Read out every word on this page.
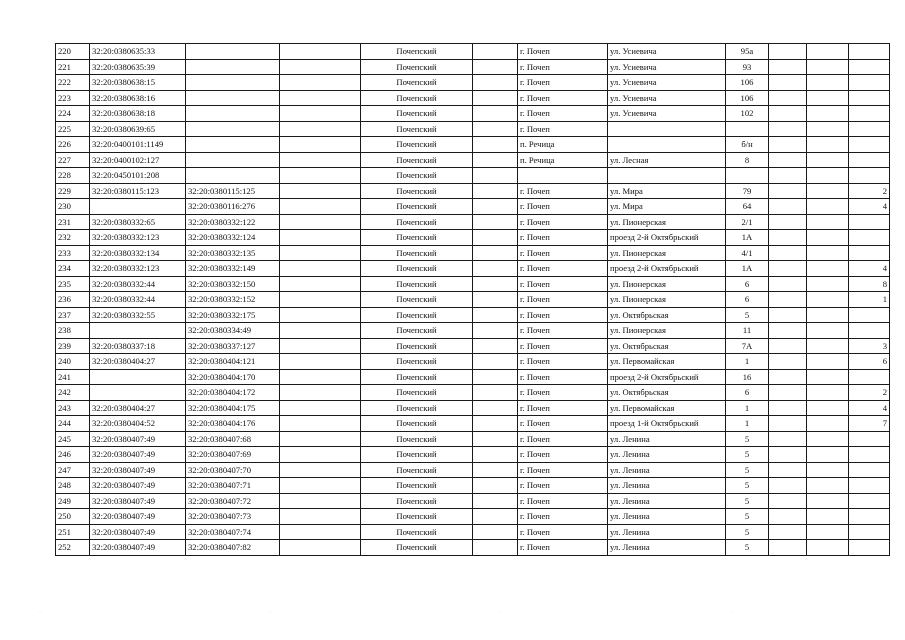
220	32:20:0380635:33			Почепский		г. Почеп	ул. Усиевича	95а			
221	32:20:0380635:39			Почепский		г. Почеп	ул. Усиевича	93			
222	32:20:0380638:15			Почепский		г. Почеп	ул. Усиевича	106			
223	32:20:0380638:16			Почепский		г. Почеп	ул. Усиевича	106			
224	32:20:0380638:18			Почепский		г. Почеп	ул. Усиевича	102			
225	32:20:0380639:65			Почепский		г. Почеп					
226	32:20:0400101:1149			Почепский		п. Речица		б/н			
227	32:20:0400102:127			Почепский		п. Речица	ул. Лесная	8			
228	32:20:0450101:208			Почепский							
229	32:20:0380115:123	32:20:0380115:125		Почепский		г. Почеп	ул. Мира	79			2
230		32:20:0380116:276		Почепский		г. Почеп	ул. Мира	64			4
231	32:20:0380332:65	32:20:0380332:122		Почепский		г. Почеп	ул. Пионерская	2/1			
232	32:20:0380332:123	32:20:0380332:124		Почепский		г. Почеп	проезд 2-й Октябрьский	1А			
233	32:20:0380332:134	32:20:0380332:135		Почепский		г. Почеп	ул. Пионерская	4/1			
234	32:20:0380332:123	32:20:0380332:149		Почепский		г. Почеп	проезд 2-й Октябрьский	1А			4
235	32:20:0380332:44	32:20:0380332:150		Почепский		г. Почеп	ул. Пионерская	6			8
236	32:20:0380332:44	32:20:0380332:152		Почепский		г. Почеп	ул. Пионерская	6			1
237	32:20:0380332:55	32:20:0380332:175		Почепский		г. Почеп	ул. Октябрьская	5			
238		32:20:0380334:49		Почепский		г. Почеп	ул. Пионерская	11			
239	32:20:0380337:18	32:20:0380337:127		Почепский		г. Почеп	ул. Октябрьская	7А			3
240	32:20:0380404:27	32:20:0380404:121		Почепский		г. Почеп	ул. Первомайская	1			6
241		32:20:0380404:170		Почепский		г. Почеп	проезд 2-й Октябрьский	16			
242		32:20:0380404:172		Почепский		г. Почеп	ул. Октябрьская	6			2
243	32:20:0380404:27	32:20:0380404:175		Почепский		г. Почеп	ул. Первомайская	1			4
244	32:20:0380404:52	32:20:0380404:176		Почепский		г. Почеп	проезд 1-й Октябрьский	1			7
245	32:20:0380407:49	32:20:0380407:68		Почепский		г. Почеп	ул. Ленина	5			
246	32:20:0380407:49	32:20:0380407:69		Почепский		г. Почеп	ул. Ленина	5			
247	32:20:0380407:49	32:20:0380407:70		Почепский		г. Почеп	ул. Ленина	5			
248	32:20:0380407:49	32:20:0380407:71		Почепский		г. Почеп	ул. Ленина	5			
249	32:20:0380407:49	32:20:0380407:72		Почепский		г. Почеп	ул. Ленина	5			
250	32:20:0380407:49	32:20:0380407:73		Почепский		г. Почеп	ул. Ленина	5			
251	32:20:0380407:49	32:20:0380407:74		Почепский		г. Почеп	ул. Ленина	5			
252	32:20:0380407:49	32:20:0380407:82		Почепский		г. Почеп	ул. Ленина	5			
··	··	··	··
